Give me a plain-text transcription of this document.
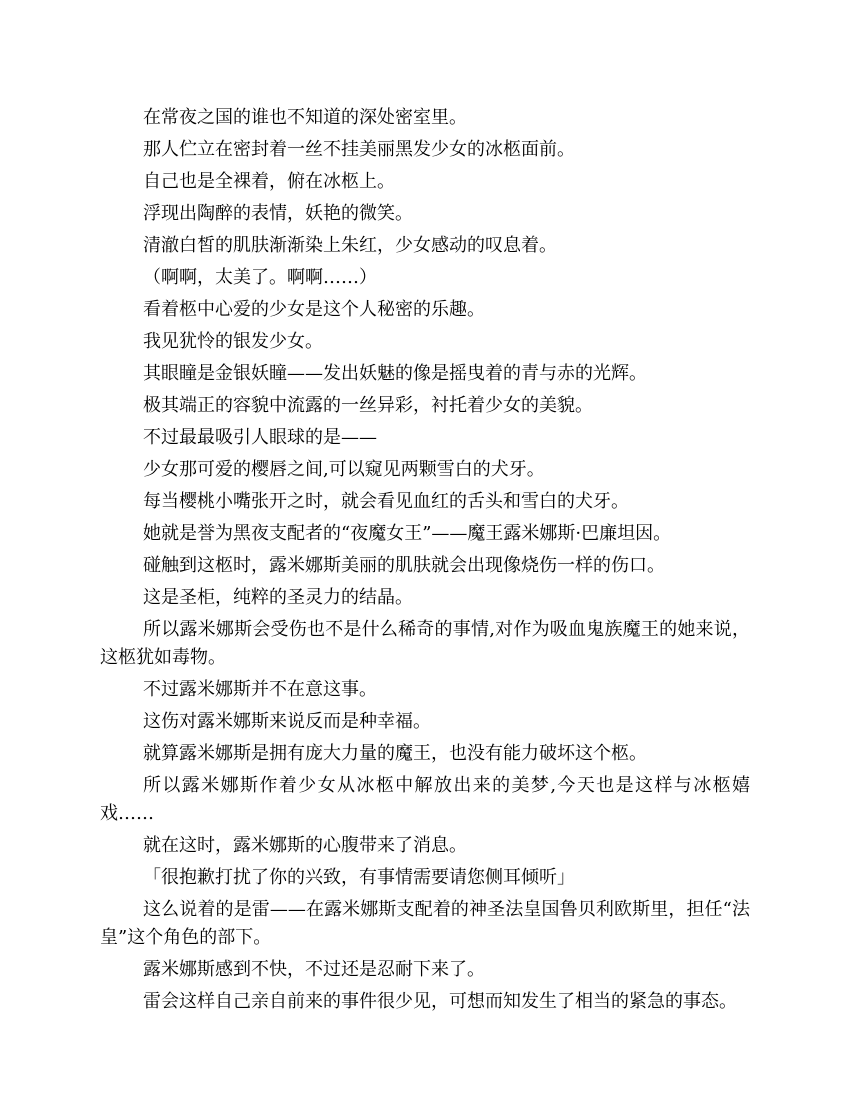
在常夜之国的谁也不知道的深处密室里。

那人伫立在密封着一丝不挂美丽黑发少女的冰柩面前。

自己也是全裸着，俯在冰柩上。

浮现出陶醉的表情，妖艳的微笑。

清澈白皙的肌肤渐渐染上朱红，少女感动的叹息着。

（啊啊，太美了。啊啊……）

看着柩中心爱的少女是这个人秘密的乐趣。

我见犹怜的银发少女。

其眼瞳是金银妖瞳——发出妖魅的像是摇曳着的青与赤的光辉。

极其端正的容貌中流露的一丝异彩，衬托着少女的美貌。

不过最最吸引人眼球的是——

少女那可爱的樱唇之间,可以窥见两颗雪白的犬牙。

每当樱桃小嘴张开之时，就会看见血红的舌头和雪白的犬牙。

她就是誉为黑夜支配者的“夜魔女王”——魔王露米娜斯·巴廉坦因。

碰触到这柩时，露米娜斯美丽的肌肤就会出现像烧伤一样的伤口。

这是圣柜，纯粹的圣灵力的结晶。

所以露米娜斯会受伤也不是什么稀奇的事情,对作为吸血鬼族魔王的她来说，这柩犹如毒物。

不过露米娜斯并不在意这事。

这伤对露米娜斯来说反而是种幸福。

就算露米娜斯是拥有庞大力量的魔王，也没有能力破坏这个柩。

所以露米娜斯作着少女从冰柩中解放出来的美梦,今天也是这样与冰柩嬉戏……

就在这时，露米娜斯的心腹带来了消息。

「很抱歉打扰了你的兴致，有事情需要请您侧耳倾听」

这么说着的是雷——在露米娜斯支配着的神圣法皇国鲁贝利欧斯里，担任“法皇”这个角色的部下。

露米娜斯感到不快，不过还是忍耐下来了。

雷会这样自己亲自前来的事件很少见，可想而知发生了相当的紧急的事态。
